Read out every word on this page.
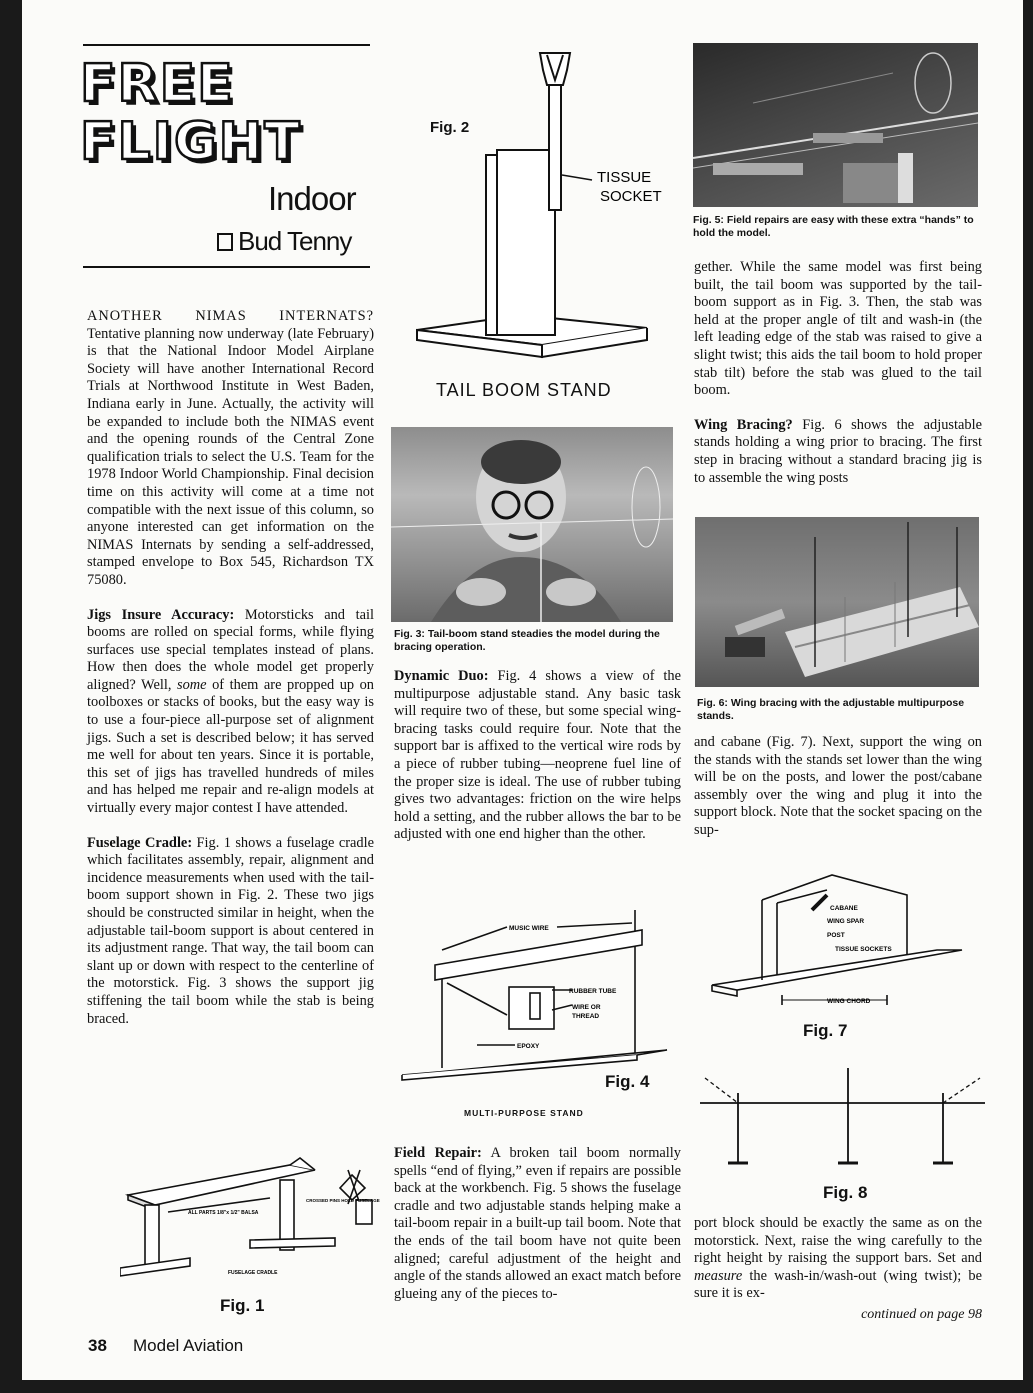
FREE
FLIGHT
Indoor
Bud Tenny

ANOTHER NIMAS INTERNATS? Tentative planning now underway (late February) is that the National Indoor Model Airplane Society will have another International Record Trials at Northwood Institute in West Baden, Indiana early in June. Actually, the activity will be expanded to include both the NIMAS event and the opening rounds of the Central Zone qualification trials to select the U.S. Team for the 1978 Indoor World Championship. Final decision time on this activity will come at a time not compatible with the next issue of this column, so anyone interested can get information on the NIMAS Internats by sending a self-addressed, stamped envelope to Box 545, Richardson TX 75080.

Jigs Insure Accuracy: Motorsticks and tail booms are rolled on special forms, while flying surfaces use special templates instead of plans. How then does the whole model get properly aligned? Well, some of them are propped up on toolboxes or stacks of books, but the easy way is to use a four-piece all-purpose set of alignment jigs. Such a set is described below; it has served me well for about ten years. Since it is portable, this set of jigs has travelled hundreds of miles and has helped me repair and re-align models at virtually every major contest I have attended.

Fuselage Cradle: Fig. 1 shows a fuselage cradle which facilitates assembly, repair, alignment and incidence measurements when used with the tail-boom support shown in Fig. 2. These two jigs should be constructed similar in height, when the adjustable tail-boom support is about centered in its adjustment range. That way, the tail boom can slant up or down with respect to the centerline of the motorstick. Fig. 3 shows the support jig stiffening the tail boom while the stab is being braced.

ALL PARTS 1/8"x 1/2" BALSA
CROSSED PINS HOLD FUSELAGE
FUSELAGE CRADLE
Fig. 1
Fig. 2
TISSUE
SOCKET
TAIL BOOM STAND
Fig. 3: Tail-boom stand steadies the model during the bracing operation.

Dynamic Duo: Fig. 4 shows a view of the multipurpose adjustable stand. Any basic task will require two of these, but some special wing-bracing tasks could require four. Note that the support bar is affixed to the vertical wire rods by a piece of rubber tubing—neoprene fuel line of the proper size is ideal. The use of rubber tubing gives two advantages: friction on the wire helps hold a setting, and the rubber allows the bar to be adjusted with one end higher than the other.

MUSIC WIRE
RUBBER TUBE
WIRE OR
THREAD
EPOXY
Fig. 4
MULTI-PURPOSE STAND

Field Repair: A broken tail boom normally spells “end of flying,” even if repairs are possible back at the workbench. Fig. 5 shows the fuselage cradle and two adjustable stands helping make a tail-boom repair in a built-up tail boom. Note that the ends of the tail boom have not quite been aligned; careful adjustment of the height and angle of the stands allowed an exact match before glueing any of the pieces to-

Fig. 5: Field repairs are easy with these extra “hands” to hold the model.

gether. While the same model was first being built, the tail boom was supported by the tail-boom support as in Fig. 3. Then, the stab was held at the proper angle of tilt and wash-in (the left leading edge of the stab was raised to give a slight twist; this aids the tail boom to hold proper stab tilt) before the stab was glued to the tail boom.

Wing Bracing? Fig. 6 shows the adjustable stands holding a wing prior to bracing. The first step in bracing without a standard bracing jig is to assemble the wing posts

Fig. 6: Wing bracing with the adjustable multipurpose stands.

and cabane (Fig. 7). Next, support the wing on the stands with the stands set lower than the wing will be on the posts, and lower the post/cabane assembly over the wing and plug it into the support block. Note that the socket spacing on the sup-

CABANE
WING SPAR
POST
TISSUE SOCKETS
WING CHORD
Fig. 7
Fig. 8

port block should be exactly the same as on the motorstick. Next, raise the wing carefully to the right height by raising the support bars. Set and measure the wash-in/wash-out (wing twist); be sure it is ex-

continued on page 98
38 Model Aviation
